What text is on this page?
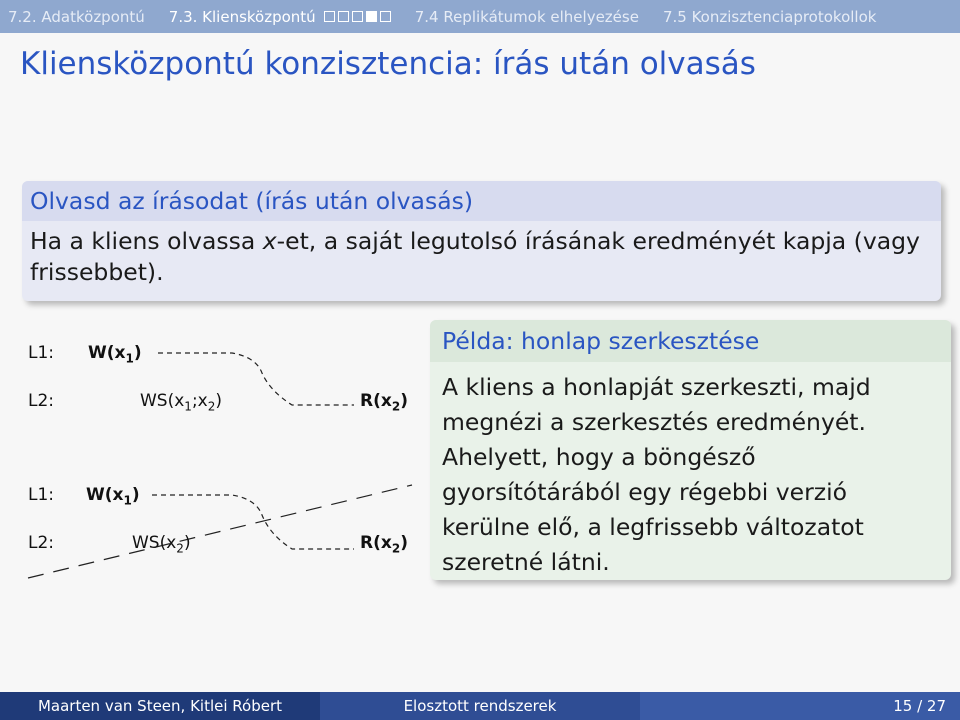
7.2. Adatközpontú 7.3. Kliensközpontú	7.4 Replikátumok elhelyezése 7.5 Konzisztenciaprotokollok
Kliensközpontú konzisztencia: írás után olvasás
Olvasd az írásodat (írás után olvasás)
Ha a kliens olvassa x-et, a saját legutolsó írásának eredményét kapja (vagy frissebbet).
L1:
L2:
L1:
L2:
$W(x_1)$
$WS(x_1;x_2)$	$R(x_2)$
$W(x_1)$
$WS(x_2)$	$R(x_2)$
Példa: honlap szerkesztése
A kliens a honlapját szerkeszti, majd
megnézi a szerkesztés eredményét.
Ahelyett, hogy a böngésző
gyorsítótárából egy régebbi verzió
kerülne elő, a legfrissebb változatot
szeretné látni.
Maarten van Steen, Kitlei Róbert	Elosztott rendszerek	15 / 27
